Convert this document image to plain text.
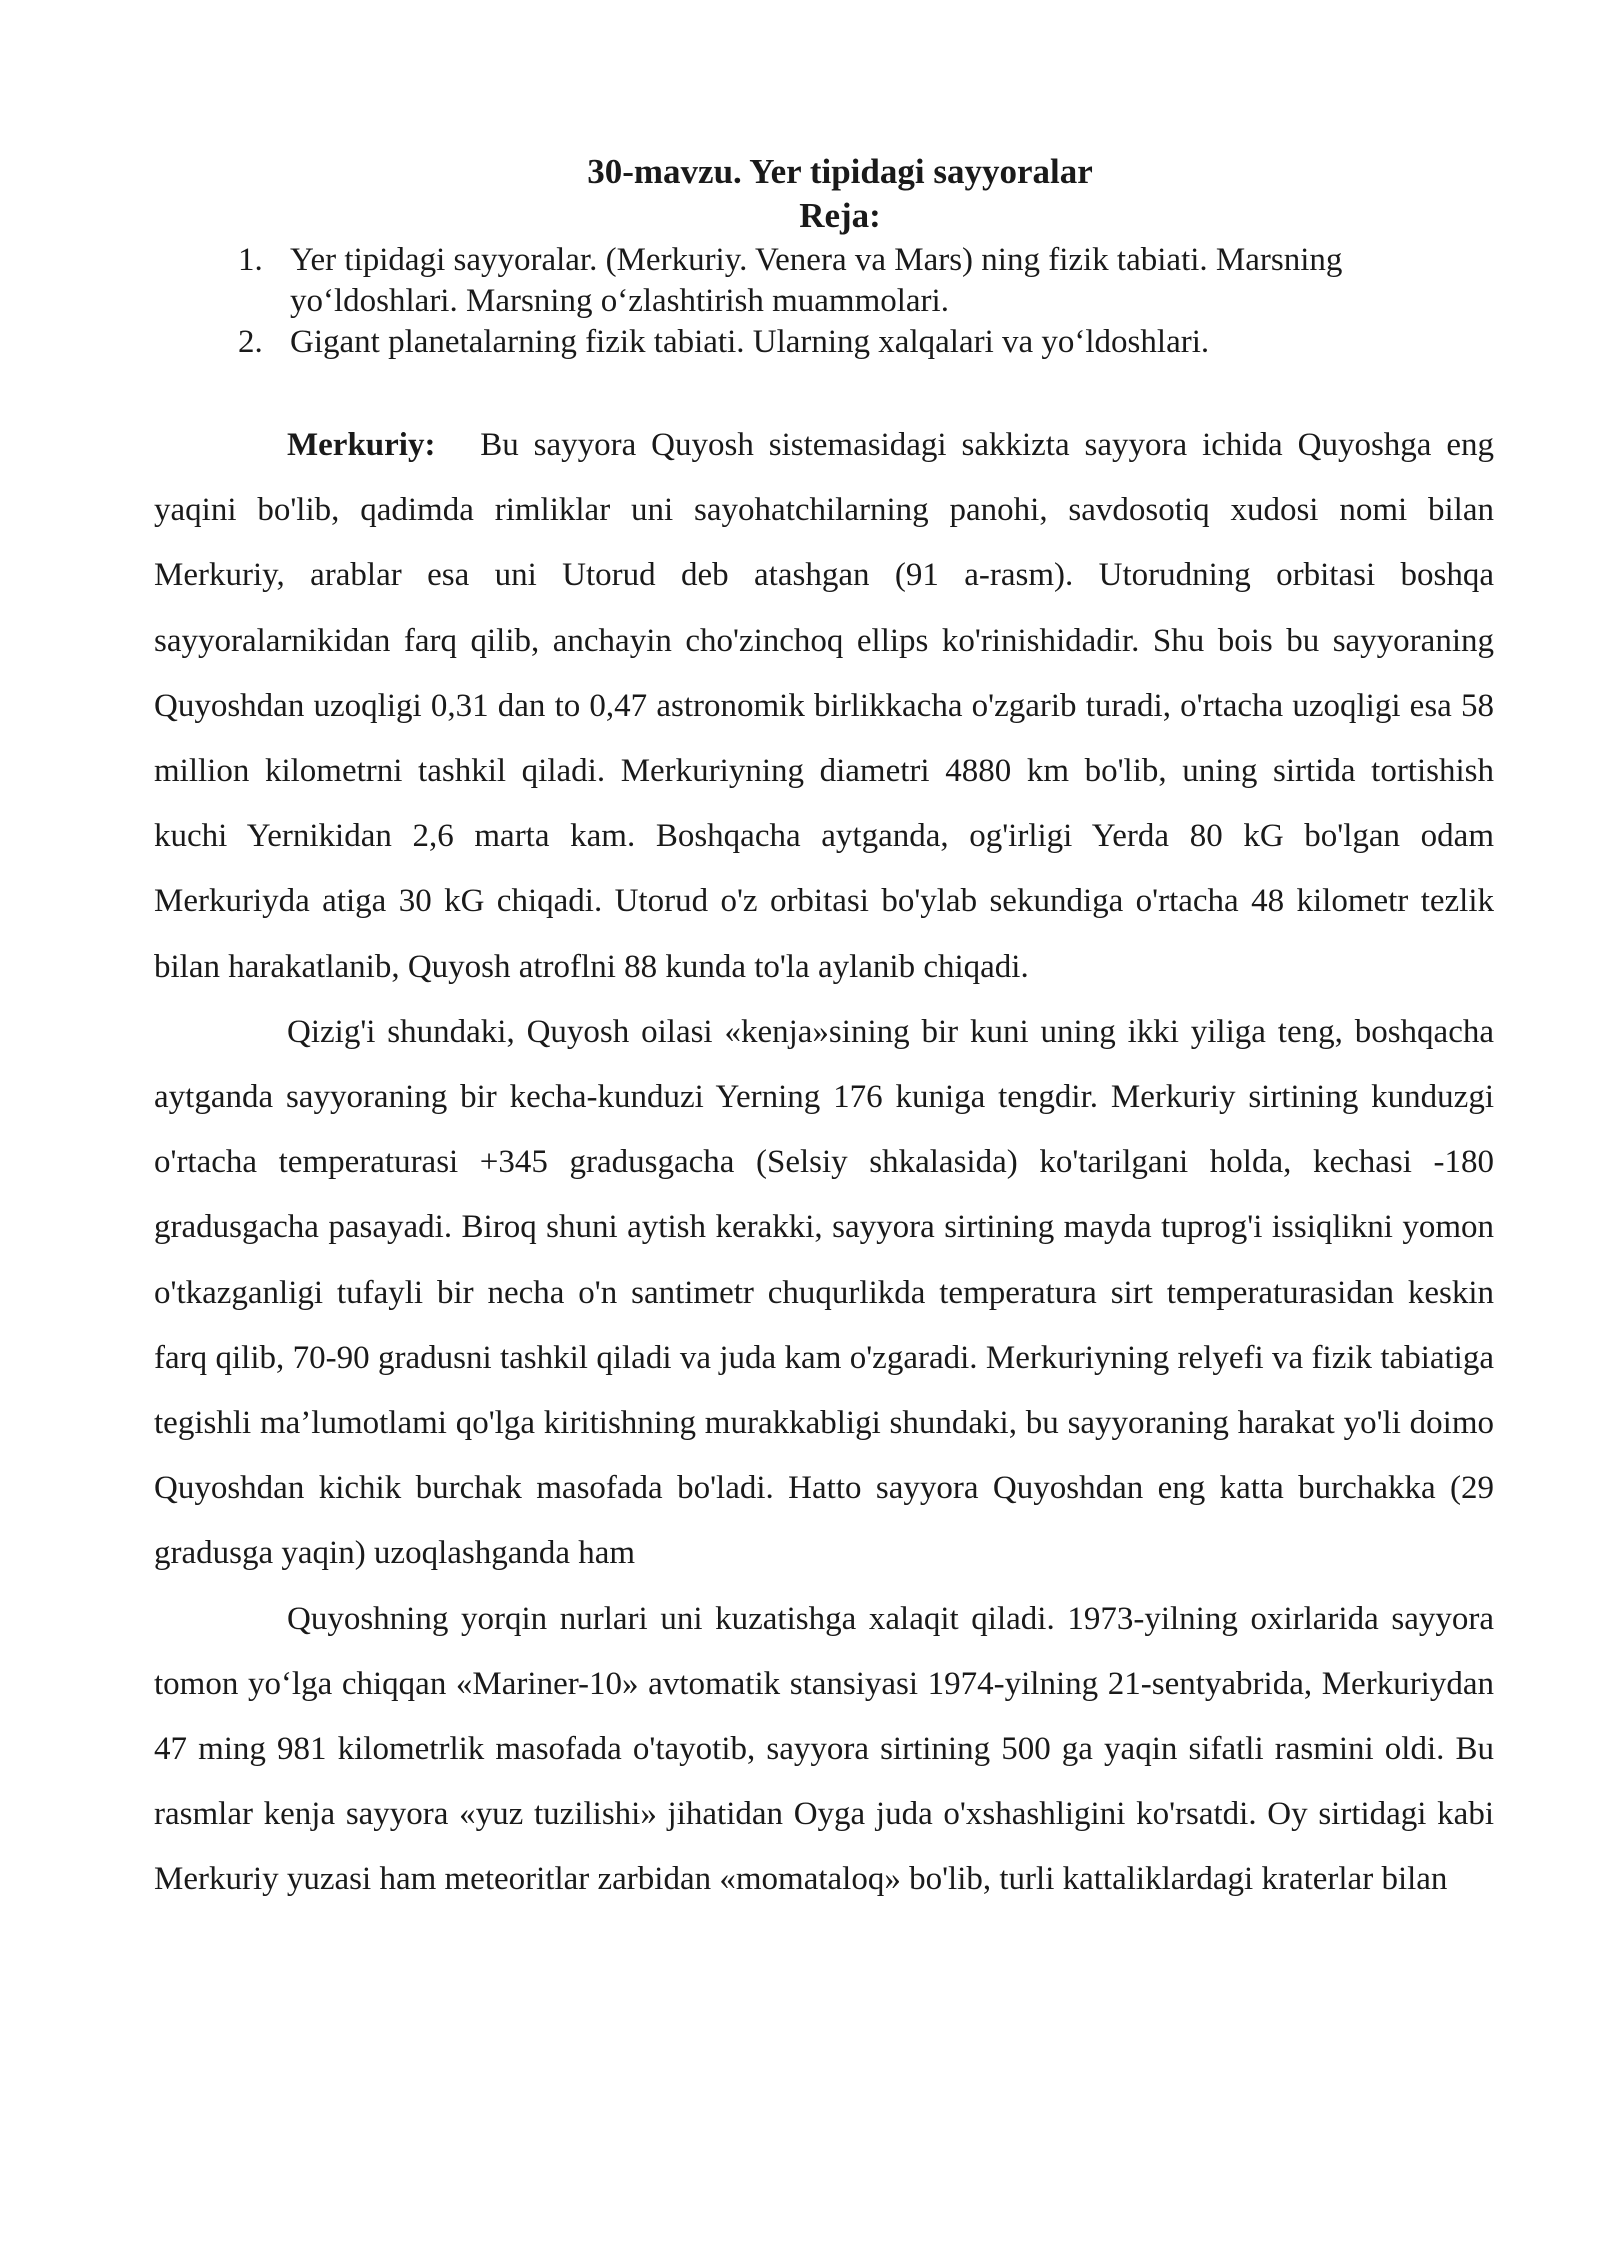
30-mavzu. Yer tipidagi sayyoralar
Reja:
1. Yer tipidagi sayyoralar. (Merkuriy. Venera va Mars) ning fizik tabiati. Marsning yo‘ldoshlari. Marsning o‘zlashtirish muammolari.
2. Gigant planetalarning fizik tabiati. Ularning xalqalari va yo‘ldoshlari.

Merkuriy: Bu sayyora Quyosh sistemasidagi sakkizta sayyora ichida Quyoshga eng yaqini bo'lib, qadimda rimliklar uni sayohatchilarning panohi, savdosotiq xudosi nomi bilan Merkuriy, arablar esa uni Utorud deb atashgan (91 a-rasm). Utorudning orbitasi boshqa sayyoralarnikidan farq qilib, anchayin cho'zinchoq ellips ko'rinishidadir. Shu bois bu sayyoraning Quyoshdan uzoqligi 0,31 dan to 0,47 astronomik birlikkacha o'zgarib turadi, o'rtacha uzoqligi esa 58 million kilometrni tashkil qiladi. Merkuriyning diametri 4880 km bo'lib, uning sirtida tortishish kuchi Yernikidan 2,6 marta kam. Boshqacha aytganda, og'irligi Yerda 80 kG bo'lgan odam Merkuriyda atiga 30 kG chiqadi. Utorud o'z orbitasi bo'ylab sekundiga o'rtacha 48 kilometr tezlik bilan harakatlanib, Quyosh atroflni 88 kunda to'la aylanib chiqadi.

Qizig'i shundaki, Quyosh oilasi «kenja»sining bir kuni uning ikki yiliga teng, boshqacha aytganda sayyoraning bir kecha-kunduzi Yerning 176 kuniga tengdir. Merkuriy sirtining kunduzgi o'rtacha temperaturasi +345 gradusgacha (Selsiy shkalasida) ko'tarilgani holda, kechasi -180 gradusgacha pasayadi. Biroq shuni aytish kerakki, sayyora sirtining mayda tuprog'i issiqlikni yomon o'tkazganligi tufayli bir necha o'n santimetr chuqurlikda temperatura sirt temperaturasidan keskin farq qilib, 70-90 gradusni tashkil qiladi va juda kam o'zgaradi. Merkuriyning relyefi va fizik tabiatiga tegishli ma’lumotlami qo'lga kiritishning murakkabligi shundaki, bu sayyoraning harakat yo'li doimo Quyoshdan kichik burchak masofada bo'ladi. Hatto sayyora Quyoshdan eng katta burchakka (29 gradusga yaqin) uzoqlashganda ham

Quyoshning yorqin nurlari uni kuzatishga xalaqit qiladi. 1973-yilning oxirlarida sayyora tomon yo‘lga chiqqan «Mariner-10» avtomatik stansiyasi 1974-yilning 21-sentyabrida, Merkuriydan 47 ming 981 kilometrlik masofada o'tayotib, sayyora sirtining 500 ga yaqin sifatli rasmini oldi. Bu rasmlar kenja sayyora «yuz tuzilishi» jihatidan Oyga juda o'xshashligini ko'rsatdi. Oy sirtidagi kabi Merkuriy yuzasi ham meteoritlar zarbidan «momataloq» bo'lib, turli kattaliklardagi kraterlar bilan
